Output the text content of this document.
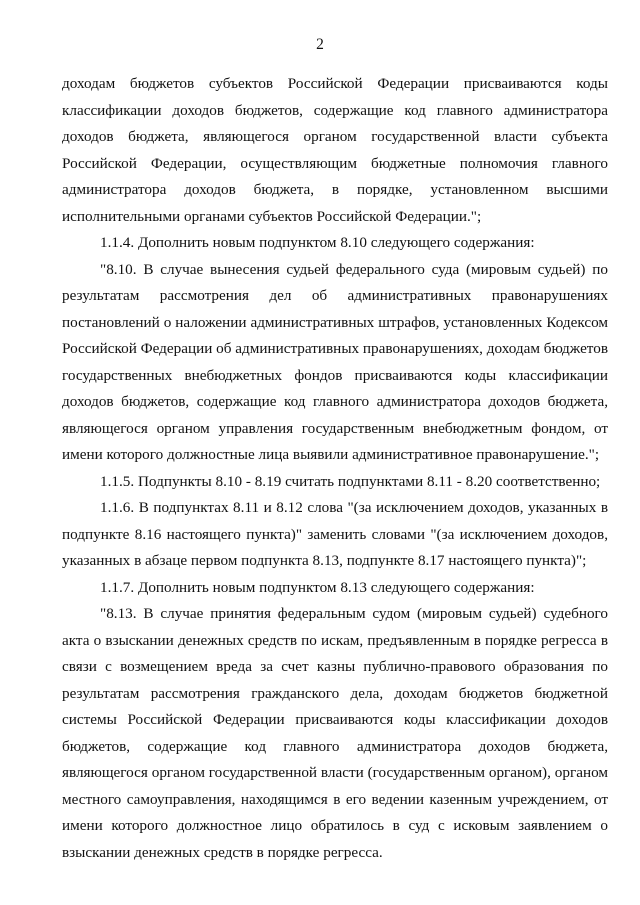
2

доходам бюджетов субъектов Российской Федерации присваиваются коды классификации доходов бюджетов, содержащие код главного администратора доходов бюджета, являющегося органом государственной власти субъекта Российской Федерации, осуществляющим бюджетные полномочия главного администратора доходов бюджета, в порядке, установленном высшими исполнительными органами субъектов Российской Федерации.";

1.1.4. Дополнить новым подпунктом 8.10 следующего содержания:

"8.10. В случае вынесения судьей федерального суда (мировым судьей) по результатам рассмотрения дел об административных правонарушениях постановлений о наложении административных штрафов, установленных Кодексом Российской Федерации об административных правонарушениях, доходам бюджетов государственных внебюджетных фондов присваиваются коды классификации доходов бюджетов, содержащие код главного администратора доходов бюджета, являющегося органом управления государственным внебюджетным фондом, от имени которого должностные лица выявили административное правонарушение.";

1.1.5. Подпункты 8.10 - 8.19 считать подпунктами 8.11 - 8.20 соответственно;

1.1.6. В подпунктах 8.11 и 8.12 слова "(за исключением доходов, указанных в подпункте 8.16 настоящего пункта)" заменить словами "(за исключением доходов, указанных в абзаце первом подпункта 8.13, подпункте 8.17 настоящего пункта)";

1.1.7. Дополнить новым подпунктом 8.13 следующего содержания:

"8.13. В случае принятия федеральным судом (мировым судьей) судебного акта о взыскании денежных средств по искам, предъявленным в порядке регресса в связи с возмещением вреда за счет казны публично-правового образования по результатам рассмотрения гражданского дела, доходам бюджетов бюджетной системы Российской Федерации присваиваются коды классификации доходов бюджетов, содержащие код главного администратора доходов бюджета, являющегося органом государственной власти (государственным органом), органом местного самоуправления, находящимся в его ведении казенным учреждением, от имени которого должностное лицо обратилось в суд с исковым заявлением о взыскании денежных средств в порядке регресса.
